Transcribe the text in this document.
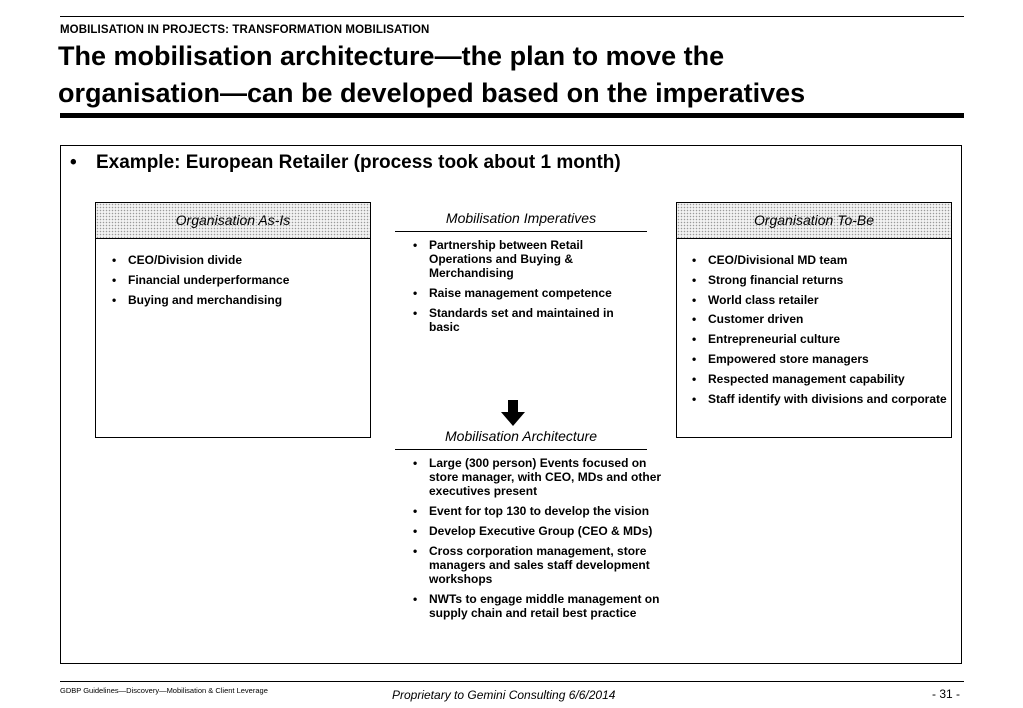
MOBILISATION IN PROJECTS: TRANSFORMATION MOBILISATION
The mobilisation architecture—the plan to move the
organisation—can be developed based on the imperatives
• Example: European Retailer (process took about 1 month)
Organisation As-Is
• CEO/Division divide
• Financial underperformance
• Buying and merchandising
Mobilisation Imperatives
• Partnership between Retail Operations and Buying & Merchandising
• Raise management competence
• Standards set and maintained in basic
Mobilisation Architecture
• Large (300 person) Events focused on store manager, with CEO, MDs and other executives present
• Event for top 130 to develop the vision
• Develop Executive Group (CEO & MDs)
• Cross corporation management, store managers and sales staff development workshops
• NWTs to engage middle management on supply chain and retail best practice
Organisation To-Be
• CEO/Divisional MD team
• Strong financial returns
• World class retailer
• Customer driven
• Entrepreneurial culture
• Empowered store managers
• Respected management capability
• Staff identify with divisions and corporate
GDBP Guidelines—Discovery—Mobilisation & Client Leverage	Proprietary to Gemini Consulting 6/6/2014	- 31 -
